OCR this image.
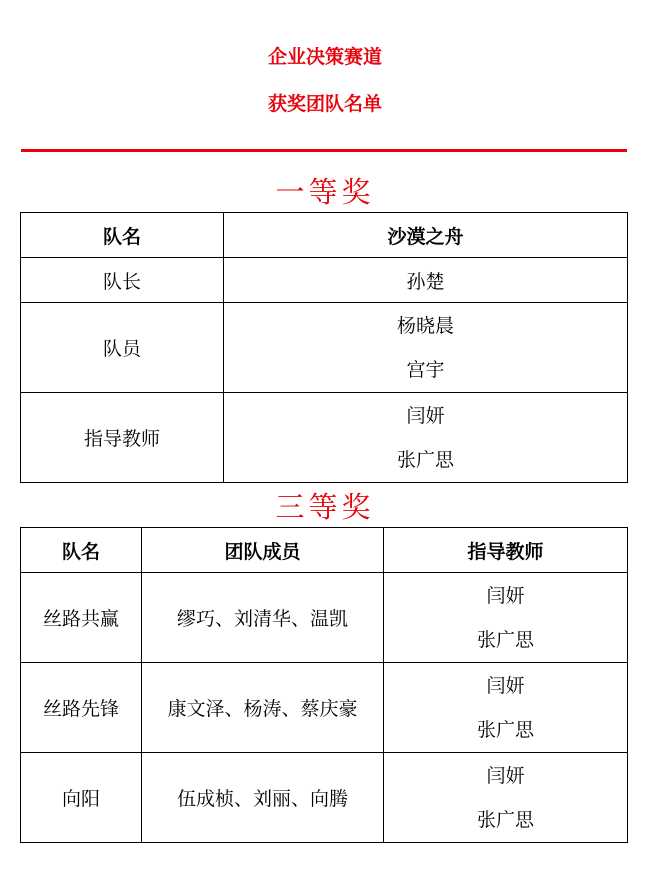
企业决策赛道
获奖团队名单
一等奖
队名	沙漠之舟
队长	孙楚
队员	杨晓晨
宫宇

指导教师	闫妍
张广思
三等奖
队名	团队成员	指导教师
丝路共赢	缪巧、刘清华、温凯	闫妍
张广思

丝路先锋	康文泽、杨涛、蔡庆豪	闫妍
张广思

向阳	伍成桢、刘丽、向腾	闫妍
张广思
